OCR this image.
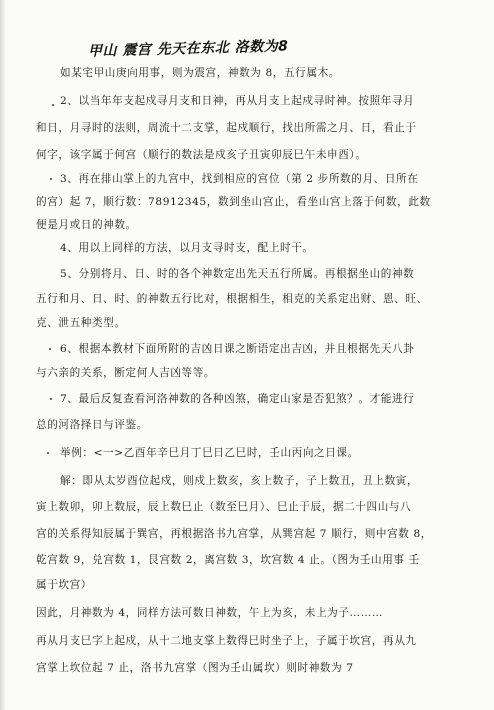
甲山 震宫 先天在东北 洛数为8
如某宅甲山庚向用事，则为震宫，神数为 8，五行属木。
2、以当年年支起戍寻月支和日神，再从月支上起戍寻时神。按照年寻月
和日，月寻时的法则，周流十二支掌，起戍顺行，找出所需之月、日，看止于
何字，该字属于何宫（顺行的数法是戍亥子丑寅卯辰巳午未申酉）。
3、再在排山掌上的九宫中，找到相应的宫位（第 2 步所数的月、日所在
的宫）起 7，顺行数：78912345，数到坐山宫止，看坐山宫上落于何数，此数
便是月或日的神数。
4、用以上同样的方法，以月支寻时支，配上时干。
5、分别将月、日、时的各个神数定出先天五行所属。再根据坐山的神数
五行和月、日、时、的神数五行比对，根据相生，相克的关系定出财、恩、旺、
克、泄五种类型。
6、根据本教材下面所附的吉凶日课之断语定出吉凶，并且根据先天八卦
与六亲的关系，断定何人吉凶等等。
7、最后反复查看河洛神数的各种凶煞，确定山家是否犯煞？。才能进行
总的河洛择日与评鉴。
举例：<一>乙酉年辛巳月丁巳日乙巳时，壬山丙向之日课。
解：即从太岁酉位起戍，则戍上数亥，亥上数子，子上数丑，丑上数寅，
寅上数卯，卯上数辰，辰上数巳止（数至巳月）、巳止于辰，据二十四山与八
宫的关系得知辰属于巽宫，再根据洛书九宫掌，从巽宫起 7 顺行，则中宫数 8，
乾宫数 9，兑宫数 1，艮宫数 2，离宫数 3，坎宫数 4 止。（图为壬山用事 壬
属于坎宫）
因此，月神数为 4，同样方法可数日神数，午上为亥，未上为子………
再从月支巳字上起戍，从十二地支掌上数得巳时坐子上，子属于坎宫，再从九
宫掌上坎位起 7 止，洛书九宫掌（图为壬山属坎）则时神数为 7
